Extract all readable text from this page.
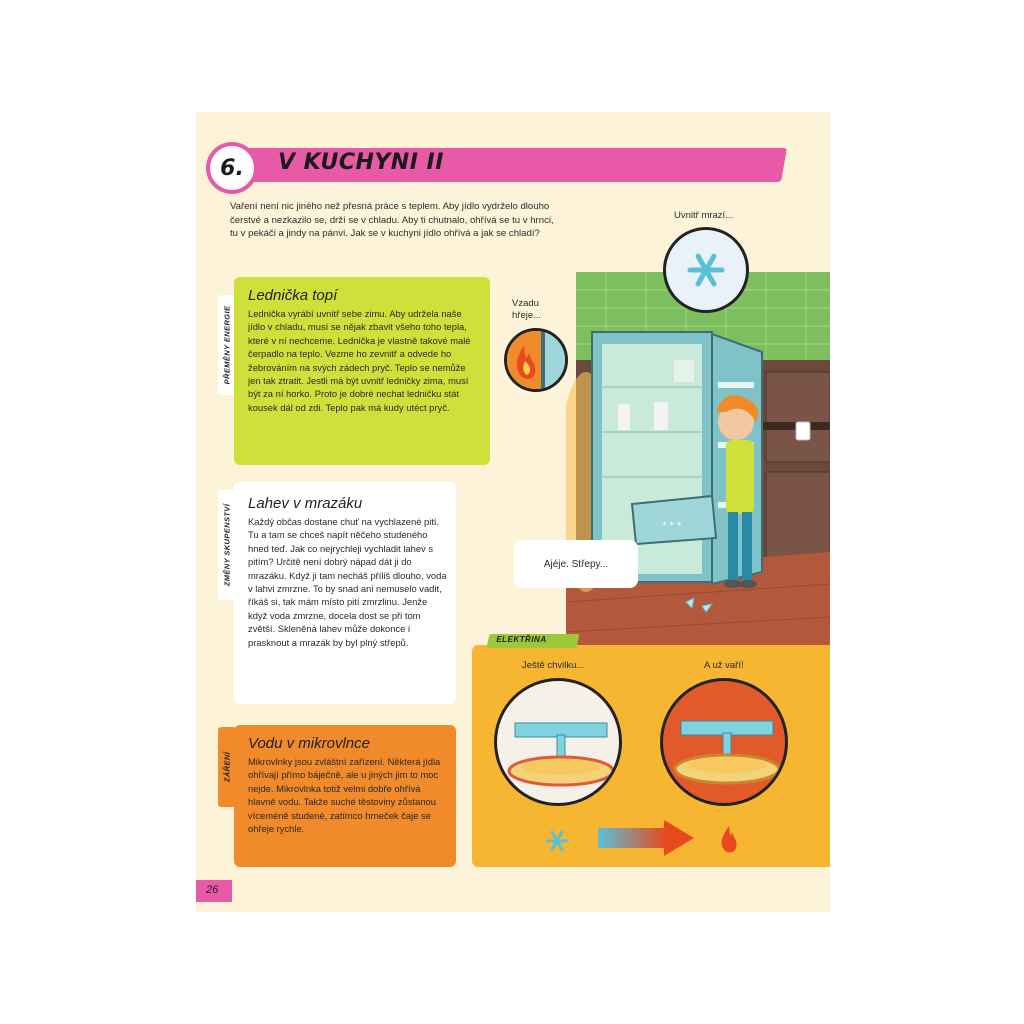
6. V KUCHYNI II

Vaření není nic jiného než přesná práce s teplem. Aby jídlo vydrželo dlouho čerstvé a nezkazilo se, drží se v chladu. Aby ti chutnalo, ohřívá se tu v hrnci, tu v pekáči a jindy na pánvi. Jak se v kuchyni jídlo ohřívá a jak se chladí?

PŘEMĚNY ENERGIE
Lednička topí

Lednička vyrábí uvnitř sebe zimu. Aby udržela naše jídlo v chladu, musí se nějak zbavit všeho toho tepla, které v ní nechceme. Lednička je vlastně takové malé čerpadlo na teplo. Vezme ho zevnitř a odvede ho žebrováním na svých zádech pryč. Teplo se nemůže jen tak ztratit. Jestli má být uvnitř ledničky zima, musí být za ní horko. Proto je dobré nechat ledničku stát kousek dál od zdi. Teplo pak má kudy utéct pryč.

ZMĚNY SKUPENSTVÍ
Lahev v mrazáku

Každý občas dostane chuť na vychlazené pití. Tu a tam se chceš napít něčeho studeného hned teď. Jak co nejrychleji vychladit lahev s pitím? Určitě není dobrý nápad dát ji do mrazáku. Když ji tam necháš příliš dlouho, voda v lahvi zmrzne. To by snad ani nemuselo vadit, říkáš si, tak mám místo pití zmrzlinu. Jenže když voda zmrzne, docela dost se při tom zvětší. Skleněná lahev může dokonce i prasknout a mrazák by byl plný střepů.

ZÁŘENÍ
Vodu v mikrovlnce

Mikrovlnky jsou zvláštní zařízení. Některá jídla ohřívají přímo báječně, ale u jiných jim to moc nejde. Mikrovlnka totiž velmi dobře ohřívá hlavně vodu. Takže suché těstoviny zůstanou víceméně studené, zatímco hrneček čaje se ohřeje rychle.

* * *
Uvnitř mrazí...
Vzadu hřeje...
Ajéje. Střepy...
ELEKTŘINA
Ještě chvilku...	A už vaří!
26
